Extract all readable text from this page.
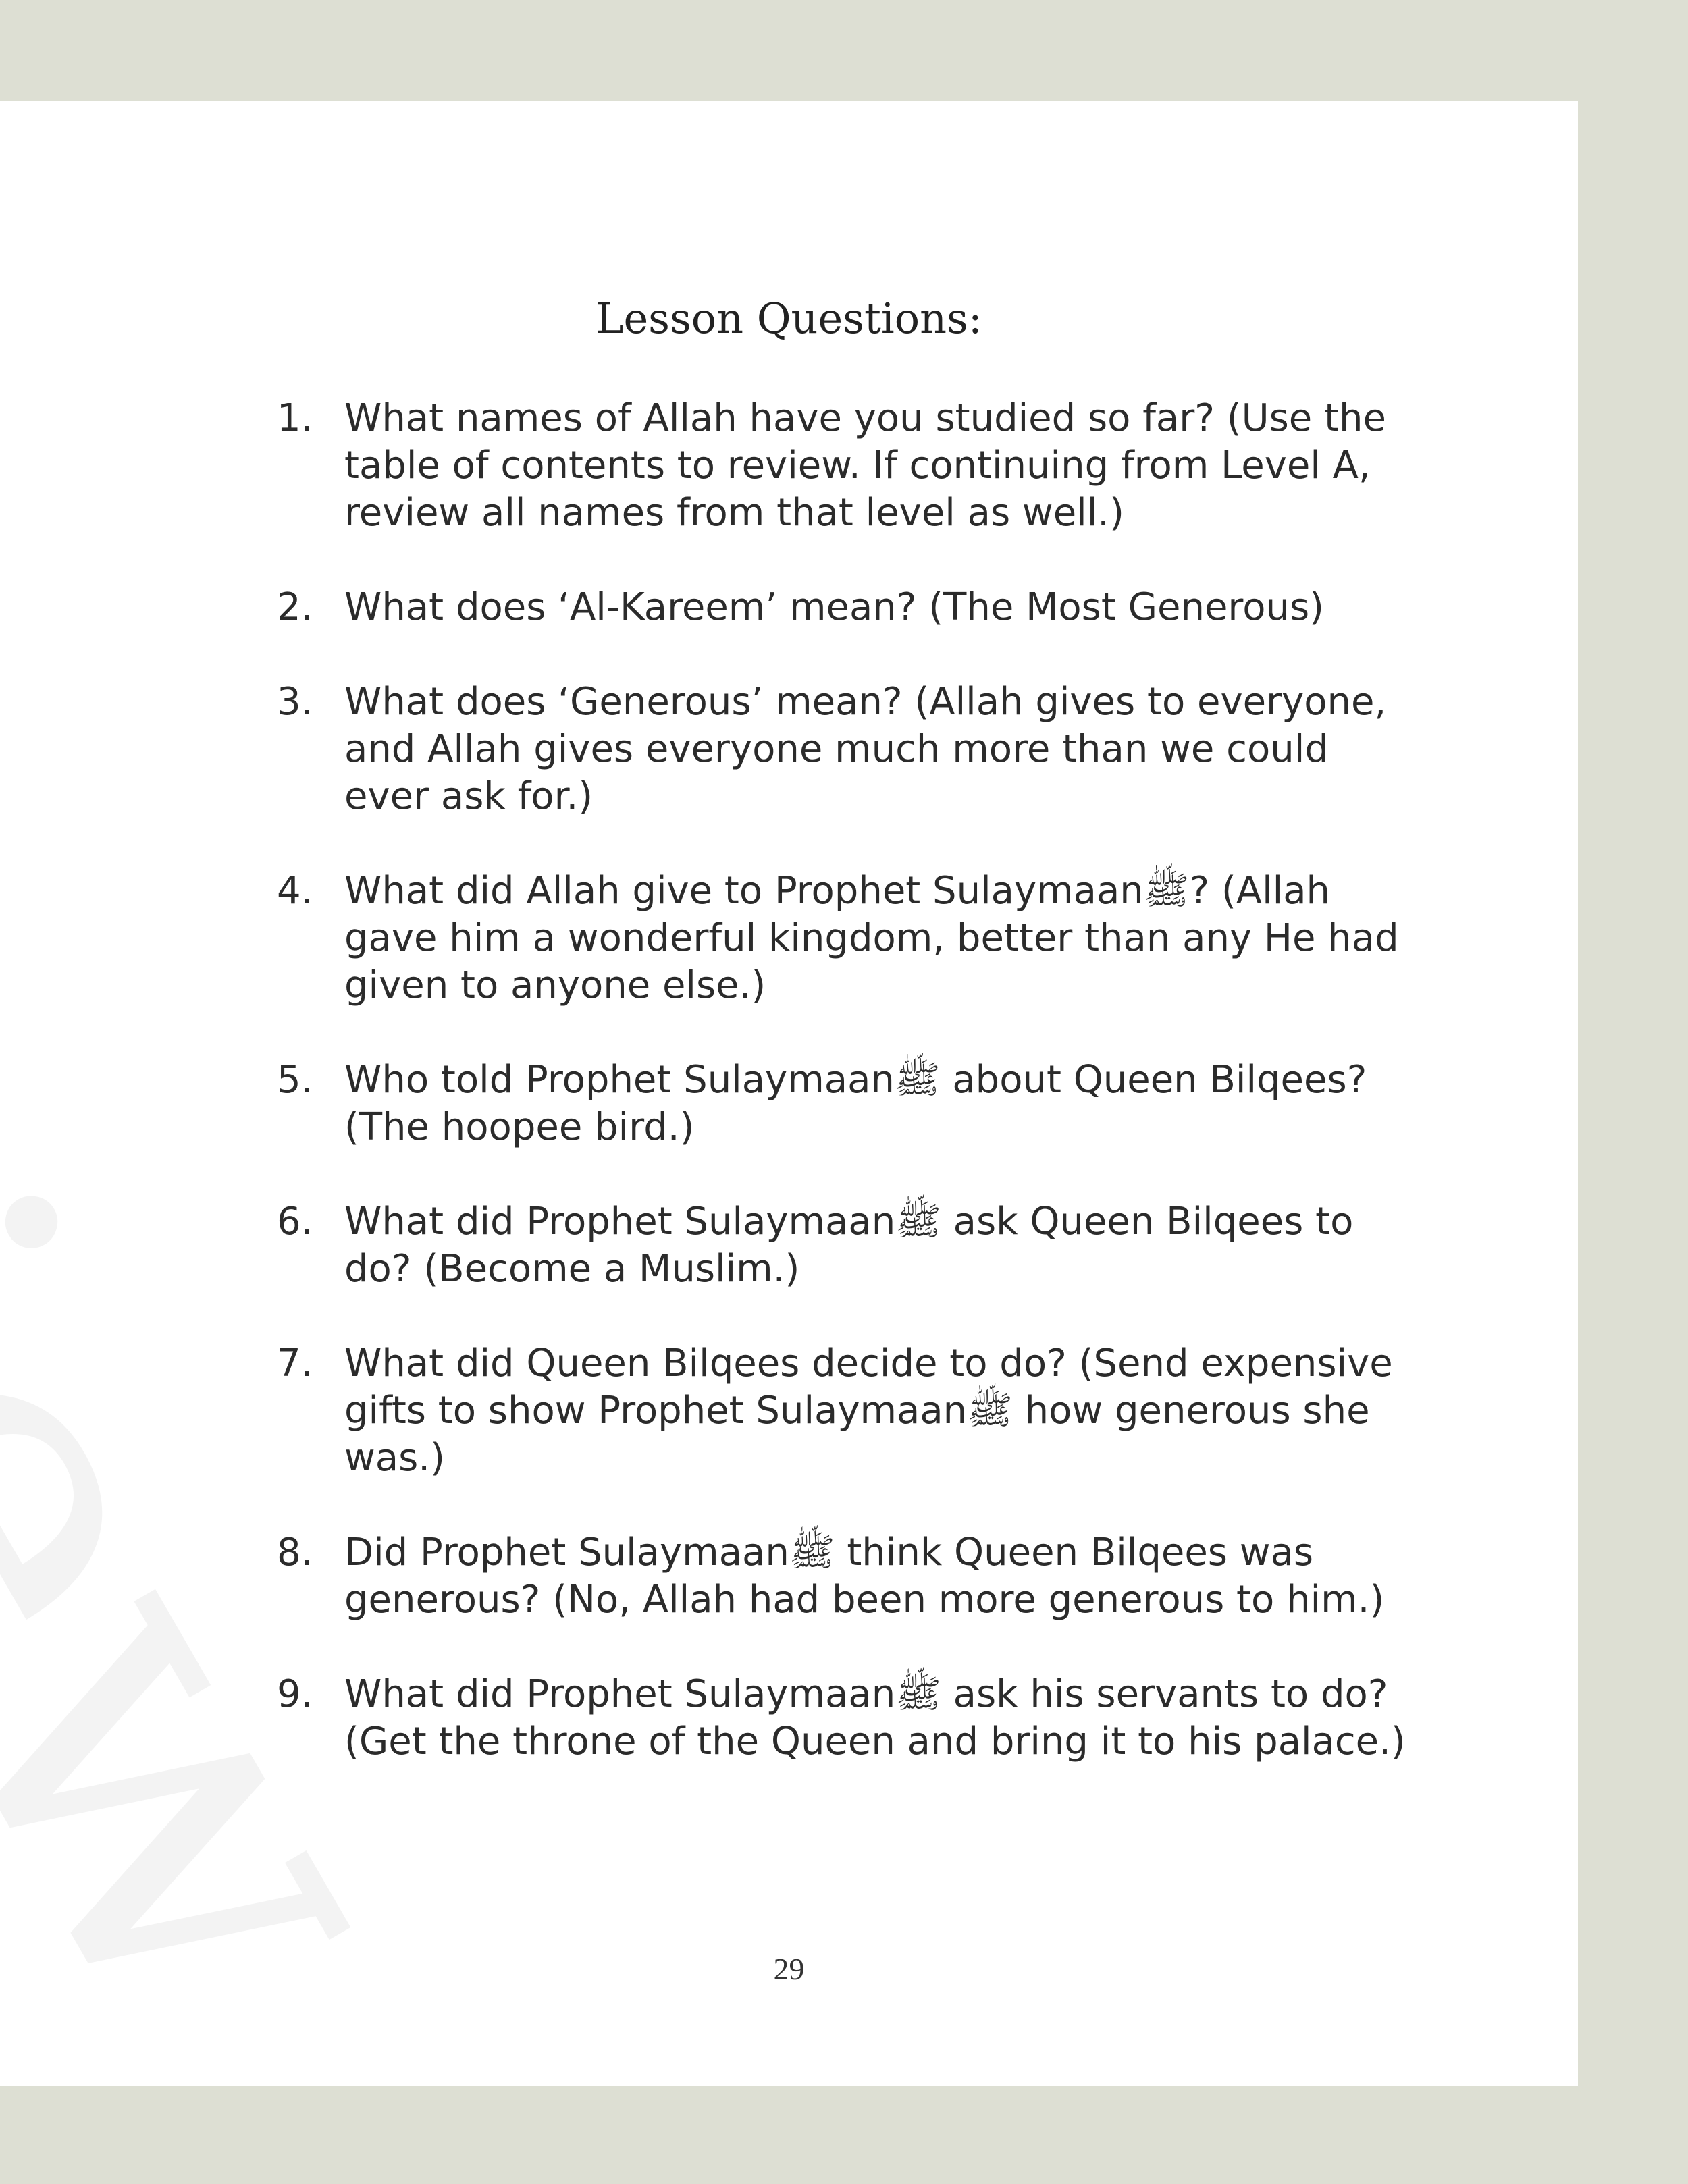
Lesson Questions:
1. What names of Allah have you studied so far? (Use the table of contents to review. If continuing from Level A, review all names from that level as well.)
2. What does ‘Al-Kareem’ mean? (The Most Generous)
3. What does ‘Generous’ mean? (Allah gives to everyone, and Allah gives everyone much more than we could ever ask for.)
4. What did Allah give to Prophet Sulaymaanﷺ? (Allah gave him a wonderful kingdom, better than any He had given to anyone else.)
5. Who told Prophet Sulaymaanﷺ about Queen Bilqees? (The hoopee bird.)
6. What did Prophet Sulaymaanﷺ ask Queen Bilqees to do? (Become a Muslim.)
7. What did Queen Bilqees decide to do? (Send expensive gifts to show Prophet Sulaymaanﷺ how generous she was.)
8. Did Prophet Sulaymaanﷺ think Queen Bilqees was generous? (No, Allah had been more generous to him.)
9. What did Prophet Sulaymaanﷺ ask his servants to do? (Get the throne of the Queen and bring it to his palace.)
29
